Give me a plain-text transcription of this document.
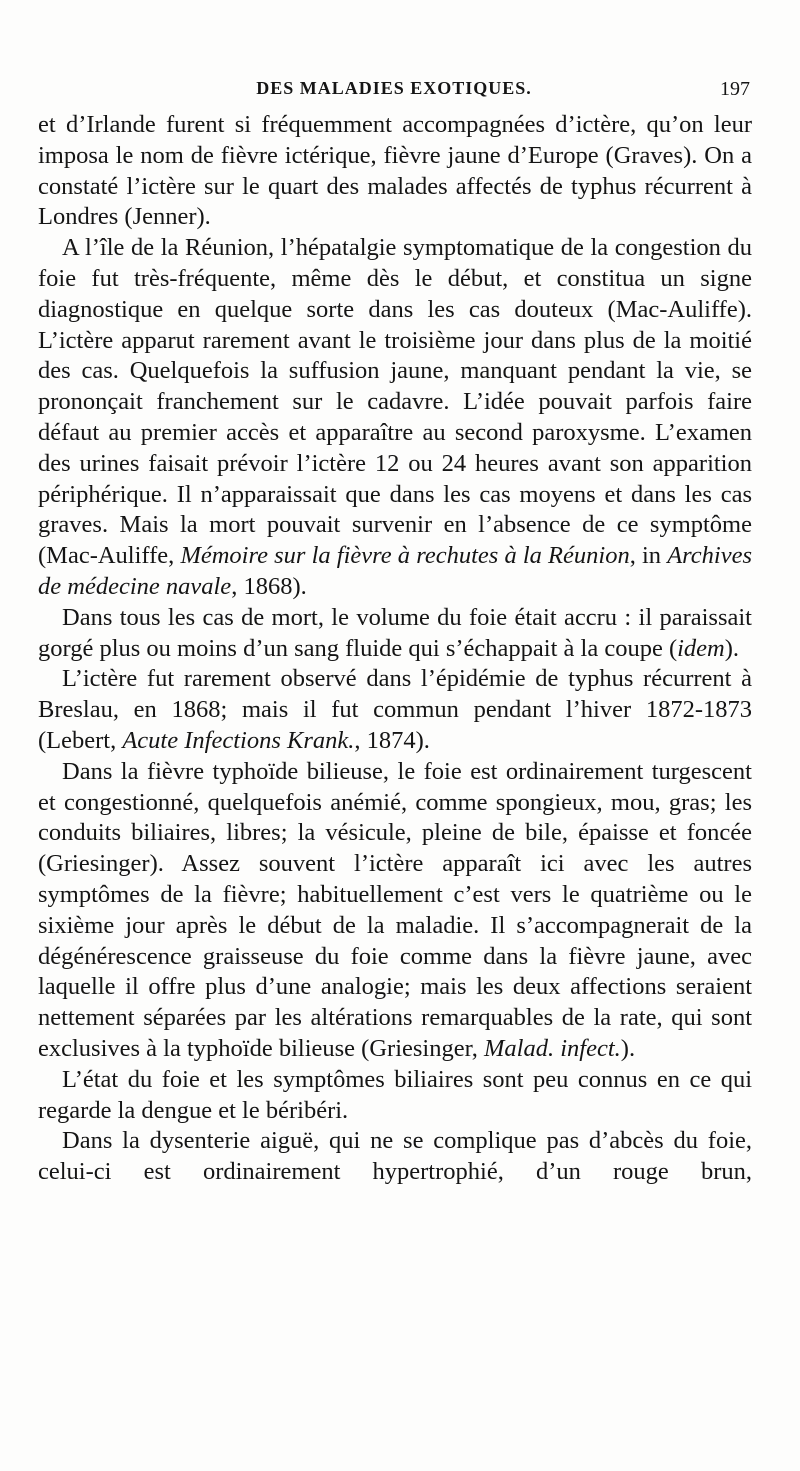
DES MALADIES EXOTIQUES.	197

et d’Irlande furent si fréquemment accompagnées d’ictère, qu’on leur imposa le nom de fièvre ictérique, fièvre jaune d’Europe (Graves). On a constaté l’ictère sur le quart des malades affectés de typhus récurrent à Londres (Jenner).

A l’île de la Réunion, l’hépatalgie symptomatique de la congestion du foie fut très-fréquente, même dès le début, et constitua un signe diagnostique en quelque sorte dans les cas douteux (Mac-Auliffe). L’ictère apparut rarement avant le troisième jour dans plus de la moitié des cas. Quelquefois la suffusion jaune, manquant pendant la vie, se prononçait franchement sur le cadavre. L’idée pouvait parfois faire défaut au premier accès et apparaître au second paroxysme. L’examen des urines faisait prévoir l’ictère 12 ou 24 heures avant son apparition périphérique. Il n’apparaissait que dans les cas moyens et dans les cas graves. Mais la mort pouvait survenir en l’absence de ce symptôme (Mac-Auliffe, Mémoire sur la fièvre à rechutes à la Réunion, in Archives de médecine navale, 1868).

Dans tous les cas de mort, le volume du foie était accru : il paraissait gorgé plus ou moins d’un sang fluide qui s’échappait à la coupe (idem).

L’ictère fut rarement observé dans l’épidémie de typhus récurrent à Breslau, en 1868; mais il fut commun pendant l’hiver 1872-1873 (Lebert, Acute Infections Krank., 1874).

Dans la fièvre typhoïde bilieuse, le foie est ordinairement turgescent et congestionné, quelquefois anémié, comme spongieux, mou, gras; les conduits biliaires, libres; la vésicule, pleine de bile, épaisse et foncée (Griesinger). Assez souvent l’ictère apparaît ici avec les autres symptômes de la fièvre; habituellement c’est vers le quatrième ou le sixième jour après le début de la maladie. Il s’accompagnerait de la dégénérescence graisseuse du foie comme dans la fièvre jaune, avec laquelle il offre plus d’une analogie; mais les deux affections seraient nettement séparées par les altérations remarquables de la rate, qui sont exclusives à la typhoïde bilieuse (Griesinger, Malad. infect.).

L’état du foie et les symptômes biliaires sont peu connus en ce qui regarde la dengue et le béribéri.

Dans la dysenterie aiguë, qui ne se complique pas d’abcès du foie, celui-ci est ordinairement hypertrophié, d’un rouge brun,
